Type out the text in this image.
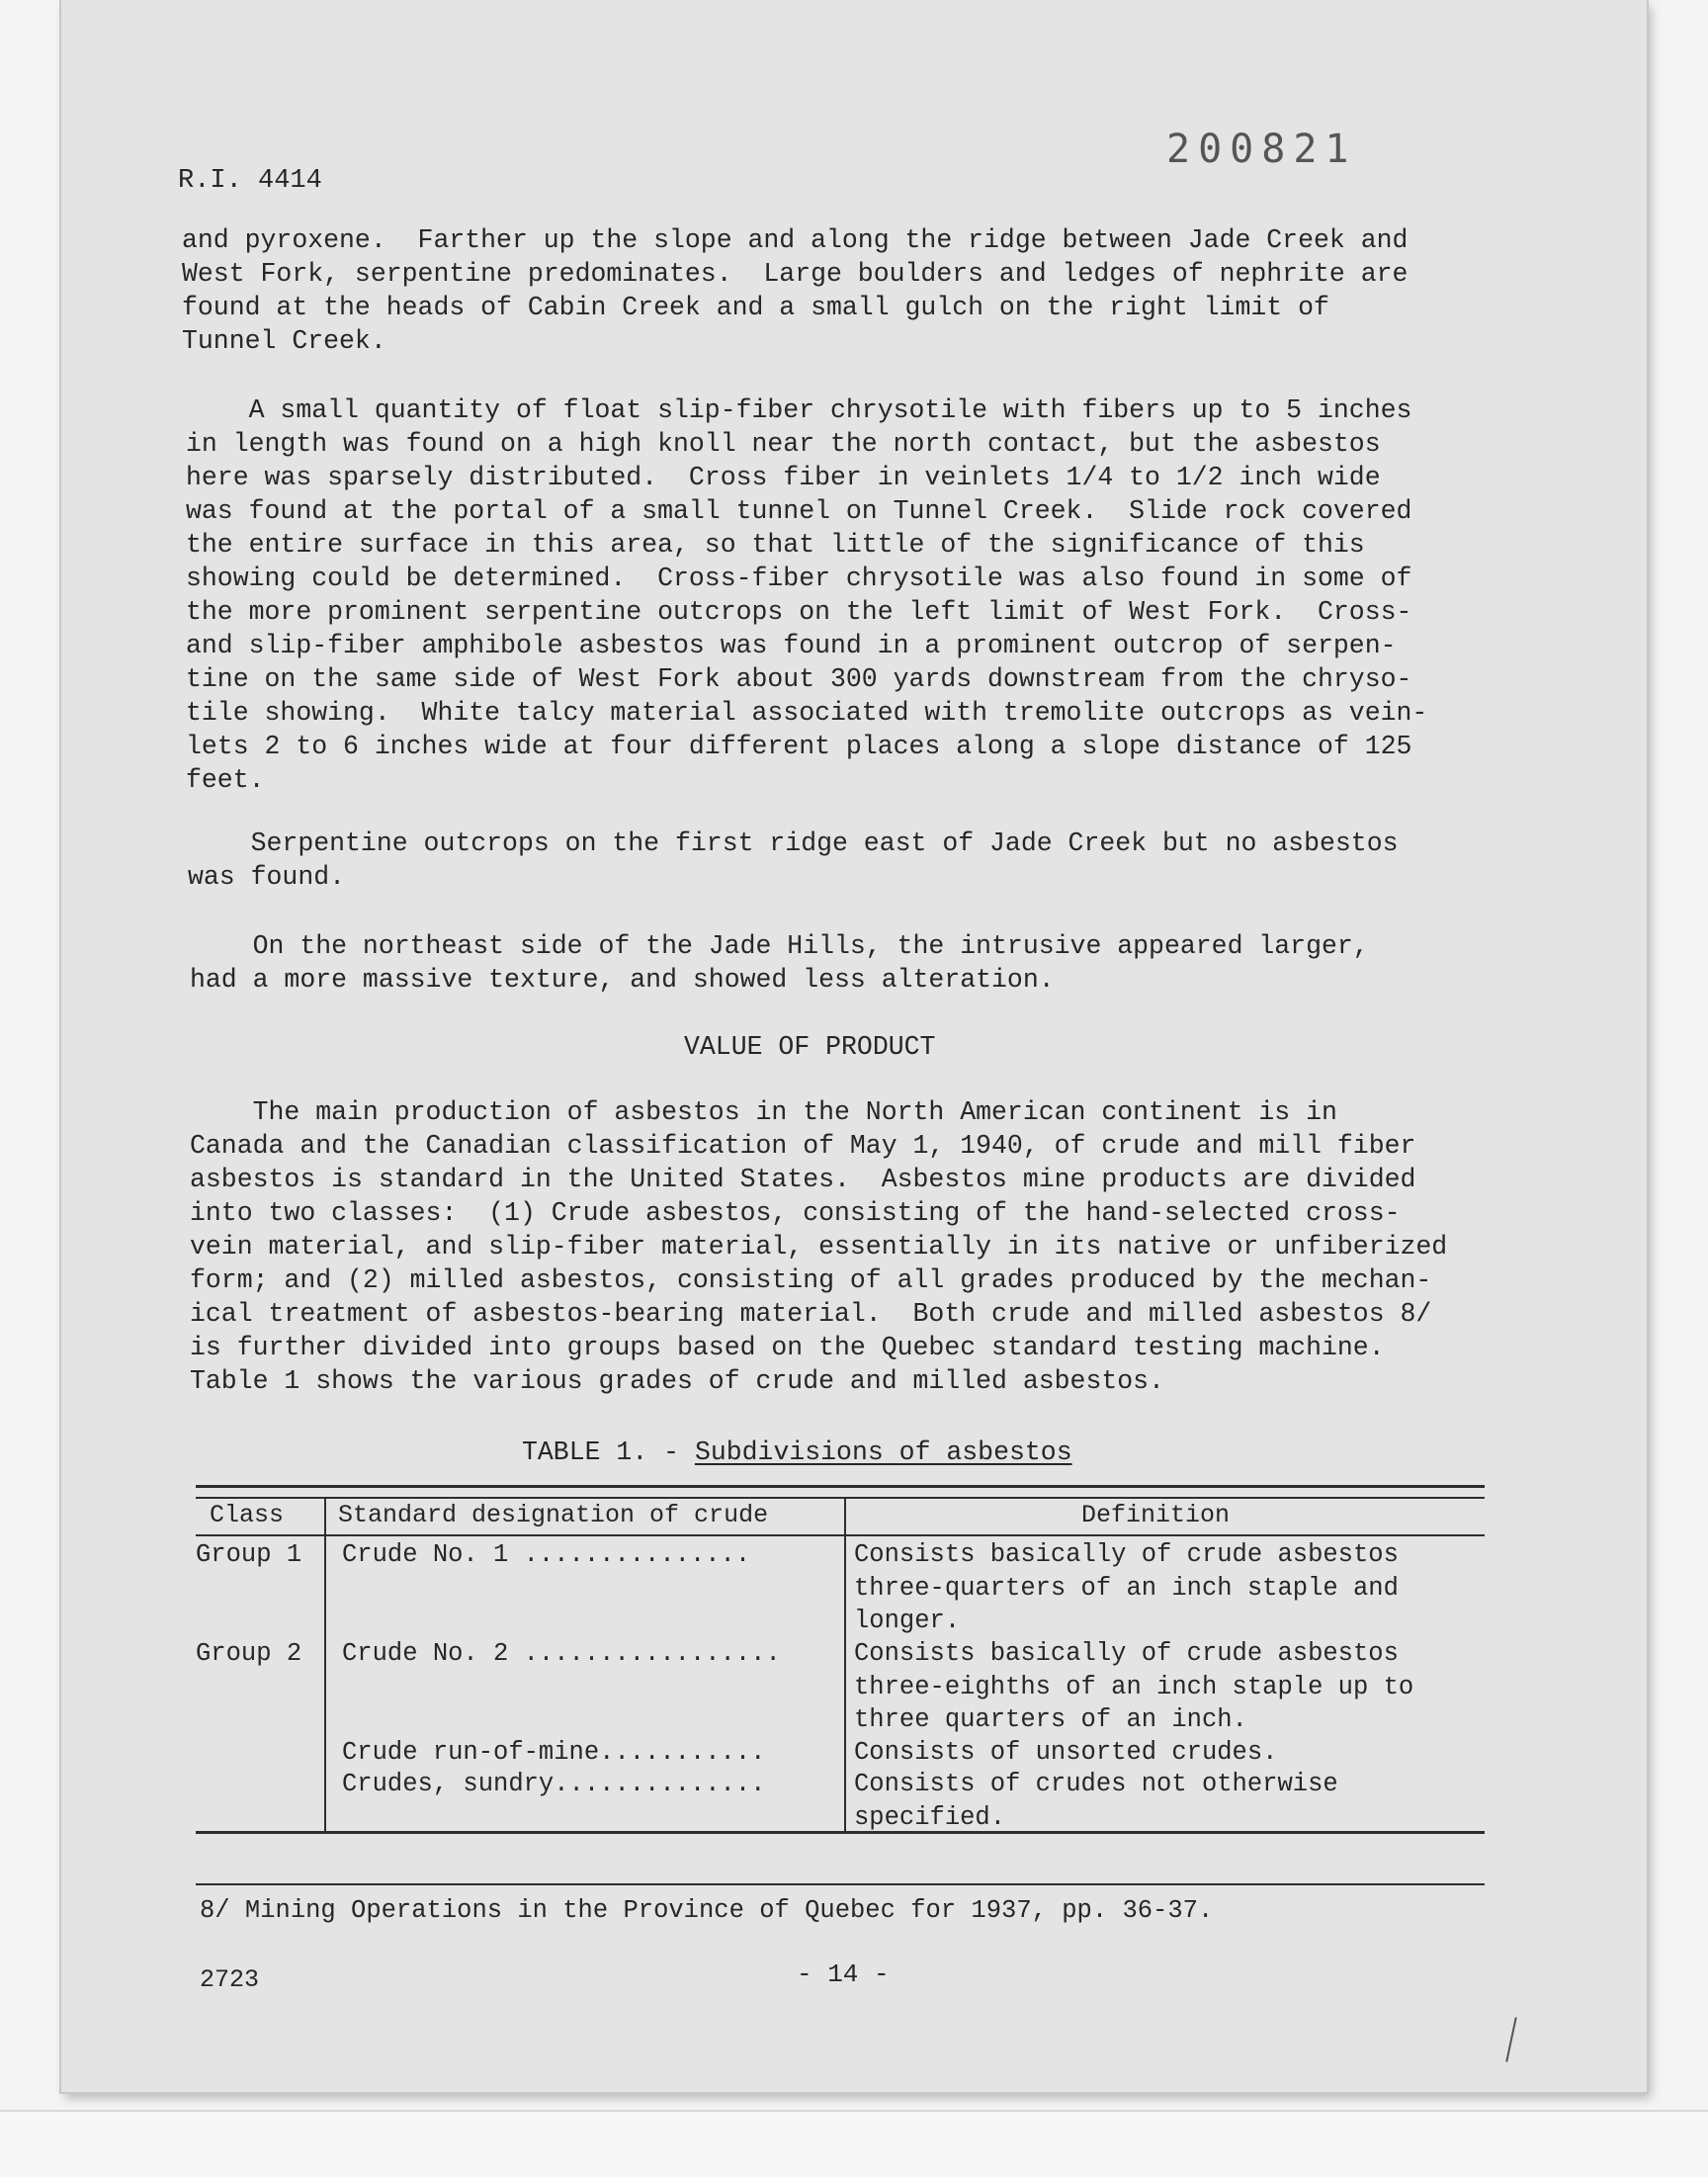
R.I. 4414
200821

and pyroxene.  Farther up the slope and along the ridge between Jade Creek and
West Fork, serpentine predominates.  Large boulders and ledges of nephrite are
found at the heads of Cabin Creek and a small gulch on the right limit of
Tunnel Creek.

A small quantity of float slip-fiber chrysotile with fibers up to 5 inches
in length was found on a high knoll near the north contact, but the asbestos
here was sparsely distributed.  Cross fiber in veinlets 1/4 to 1/2 inch wide
was found at the portal of a small tunnel on Tunnel Creek.  Slide rock covered
the entire surface in this area, so that little of the significance of this
showing could be determined.  Cross-fiber chrysotile was also found in some of
the more prominent serpentine outcrops on the left limit of West Fork.  Cross-
and slip-fiber amphibole asbestos was found in a prominent outcrop of serpen-
tine on the same side of West Fork about 300 yards downstream from the chryso-
tile showing.  White talcy material associated with tremolite outcrops as vein-
lets 2 to 6 inches wide at four different places along a slope distance of 125
feet.

Serpentine outcrops on the first ridge east of Jade Creek but no asbestos
was found.

On the northeast side of the Jade Hills, the intrusive appeared larger,
had a more massive texture, and showed less alteration.

VALUE OF PRODUCT

The main production of asbestos in the North American continent is in
Canada and the Canadian classification of May 1, 1940, of crude and mill fiber
asbestos is standard in the United States.  Asbestos mine products are divided
into two classes:  (1) Crude asbestos, consisting of the hand-selected cross-
vein material, and slip-fiber material, essentially in its native or unfiberized
form; and (2) milled asbestos, consisting of all grades produced by the mechan-
ical treatment of asbestos-bearing material.  Both crude and milled asbestos 8/
is further divided into groups based on the Quebec standard testing machine.
Table 1 shows the various grades of crude and milled asbestos.

TABLE 1. - Subdivisions of asbestos
Class Standard designation of crude	Definition
Group 1 Crude No. 1 ...............	Consists basically of crude asbestos
three-quarters of an inch staple and
longer.
Group 2 Crude No. 2 .................	Consists basically of crude asbestos
three-eighths of an inch staple up to
three quarters of an inch.
Crude run-of-mine...........	Consists of unsorted crudes.
Crudes, sundry..............	Consists of crudes not otherwise
specified.
8/ Mining Operations in the Province of Quebec for 1937, pp. 36-37.
2723	- 14 -
